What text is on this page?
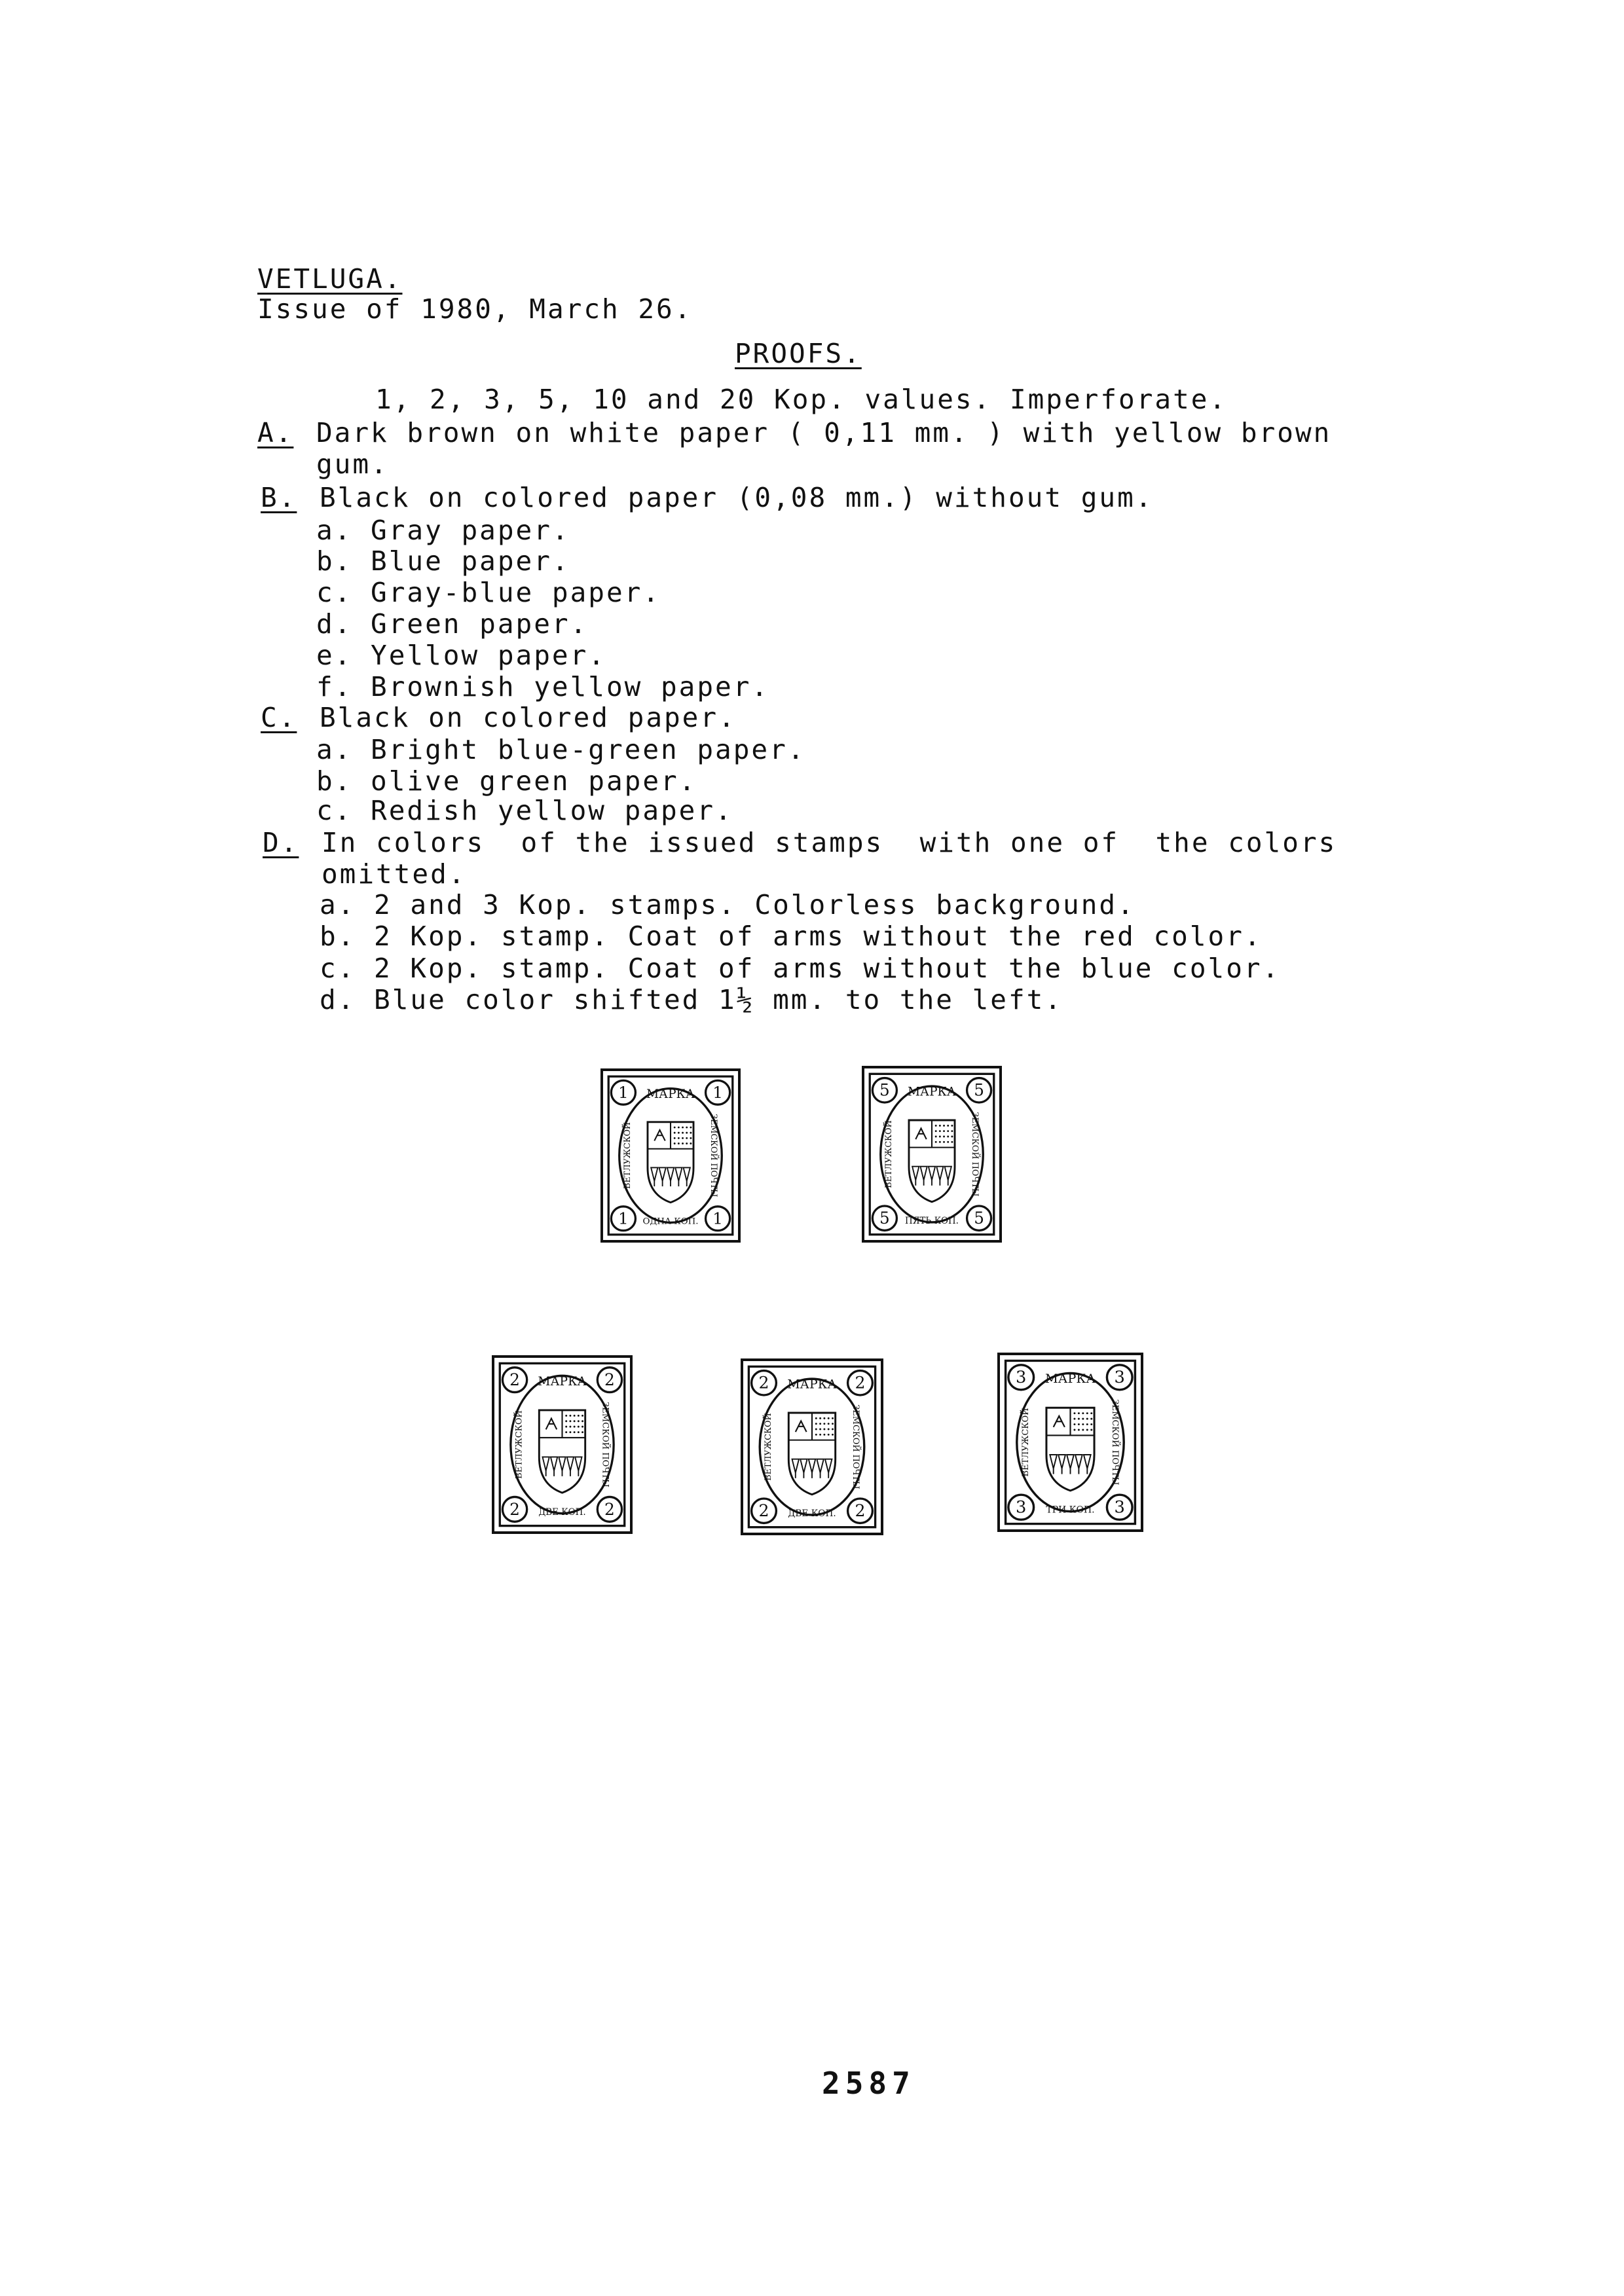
VETLUGA.
Issue of 1980, March 26.
PROOFS.
1, 2, 3, 5, 10 and 20 Kop. values. Imperforate.
A. Dark brown on white paper ( 0,11 mm. ) with yellow brown
gum.
B. Black on colored paper (0,08 mm.) without gum.
a. Gray paper.
b. Blue paper.
c. Gray-blue paper.
d. Green paper.
e. Yellow paper.
f. Brownish yellow paper.
C. Black on colored paper.
a. Bright blue-green paper.
b. olive green paper.
c. Redish yellow paper.
D. In colors  of the issued stamps  with one of  the colors
omitted.
a. 2 and 3 Kop. stamps. Colorless background.
b. 2 Kop. stamp. Coat of arms without the red color.
c. 2 Kop. stamp. Coat of arms without the blue color.
d. Blue color shifted 1½ mm. to the left.
1	1
1	1
МАРКА
ОДНА КОП.
ВЕТЛУЖСКОЙ	ЗЕМСКОЙ ПОЧТЫ
5	5
5	5
МАРКА
ПЯТЬ КОП.
ВЕТЛУЖСКОЙ	ЗЕМСКОЙ ПОЧТЫ
2	2
2	2
МАРКА
ДВЕ КОП.
ВЕТЛУЖСКОЙ	ЗЕМСКОЙ ПОЧТЫ
2	2
2	2
МАРКА
ДВЕ КОП.
ВЕТЛУЖСКОЙ	ЗЕМСКОЙ ПОЧТЫ
3	3
3	3
МАРКА
ТРИ КОП.
ВЕТЛУЖСКОЙ	ЗЕМСКОЙ ПОЧТЫ
2587
